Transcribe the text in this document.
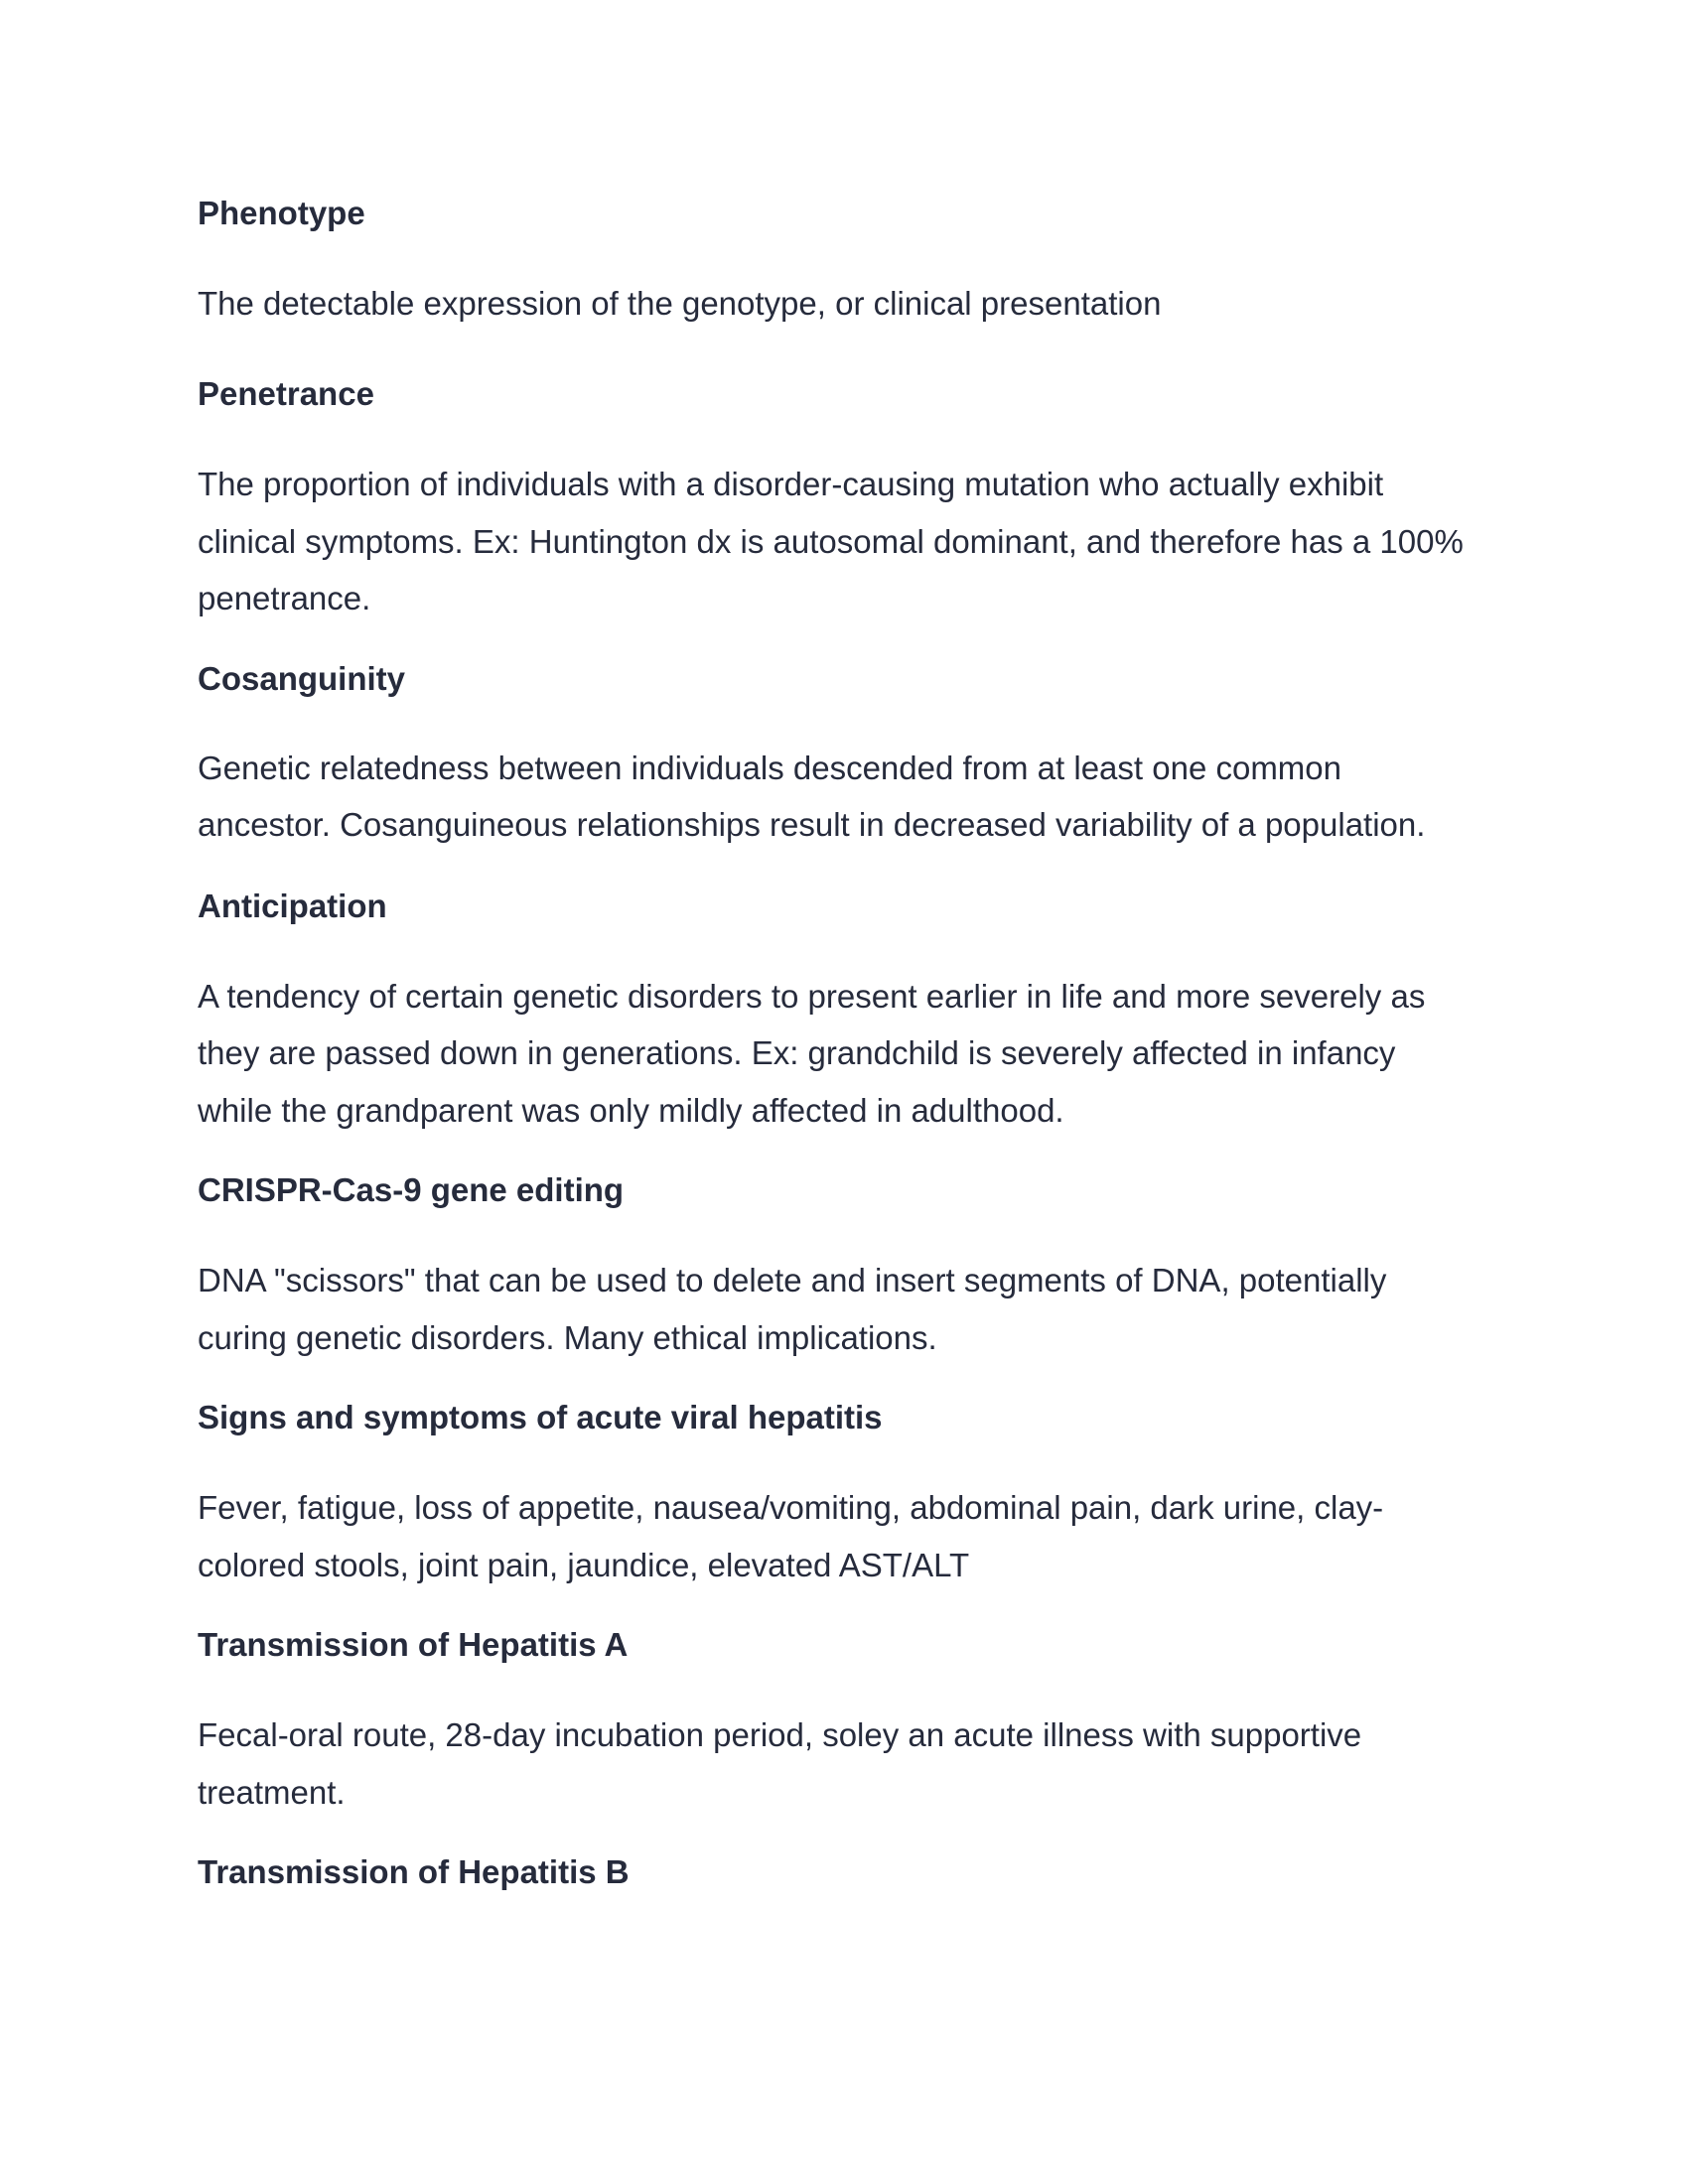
Phenotype

The detectable expression of the genotype, or clinical presentation

Penetrance

The proportion of individuals with a disorder-causing mutation who actually exhibit

clinical symptoms. Ex: Huntington dx is autosomal dominant, and therefore has a 100%

penetrance.

Cosanguinity

Genetic relatedness between individuals descended from at least one common

ancestor. Cosanguineous relationships result in decreased variability of a population.

Anticipation

A tendency of certain genetic disorders to present earlier in life and more severely as

they are passed down in generations. Ex: grandchild is severely affected in infancy

while the grandparent was only mildly affected in adulthood.

CRISPR-Cas-9 gene editing

DNA "scissors" that can be used to delete and insert segments of DNA, potentially

curing genetic disorders. Many ethical implications.

Signs and symptoms of acute viral hepatitis

Fever, fatigue, loss of appetite, nausea/vomiting, abdominal pain, dark urine, clay-

colored stools, joint pain, jaundice, elevated AST/ALT

Transmission of Hepatitis A

Fecal-oral route, 28-day incubation period, soley an acute illness with supportive

treatment.

Transmission of Hepatitis B
